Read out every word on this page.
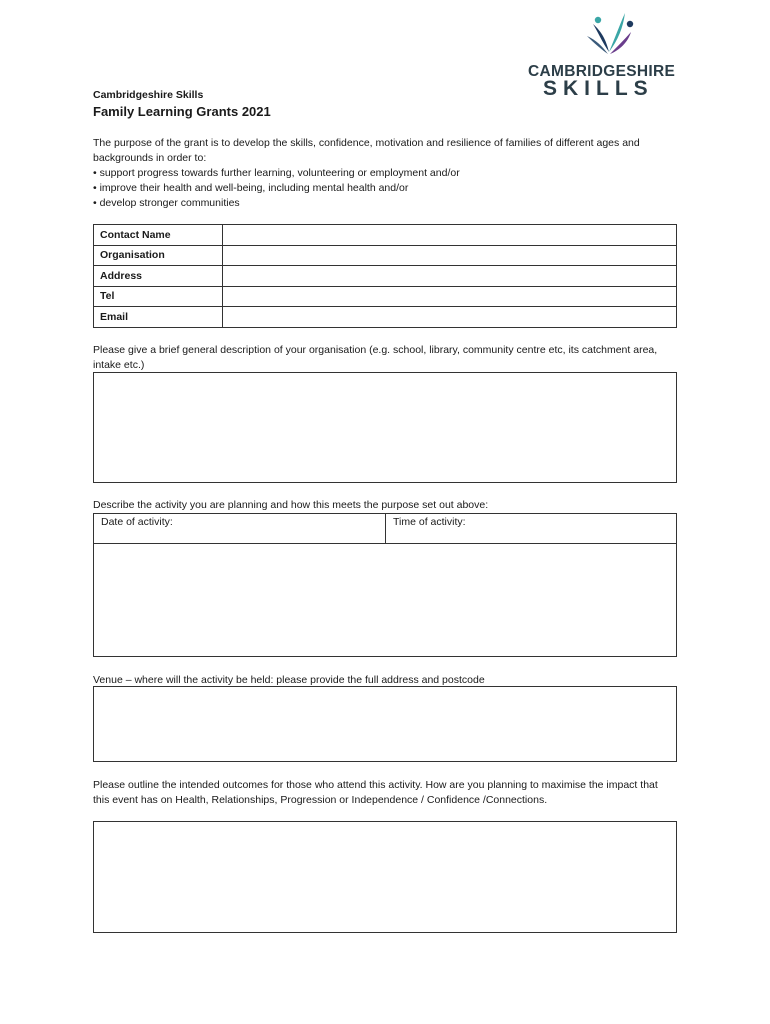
CAMBRIDGESHIRE
SKILLS
Cambridgeshire Skills
Family Learning Grants 2021

The purpose of the grant is to develop the skills, confidence, motivation and resilience of families of different ages and backgrounds in order to:

• support progress towards further learning, volunteering or employment and/or
• improve their health and well-being, including mental health and/or
• develop stronger communities
Contact Name	
Organisation	
Address	
Tel	
Email	
Please give a brief general description of your organisation (e.g. school, library, community centre etc, its catchment area, intake etc.)
Describe the activity you are planning and how this meets the purpose set out above:
Date of activity:	Time of activity:
Venue – where will the activity be held: please provide the full address and postcode
Please outline the intended outcomes for those who attend this activity. How are you planning to maximise the impact that this event has on Health, Relationships, Progression or Independence / Confidence /Connections.
